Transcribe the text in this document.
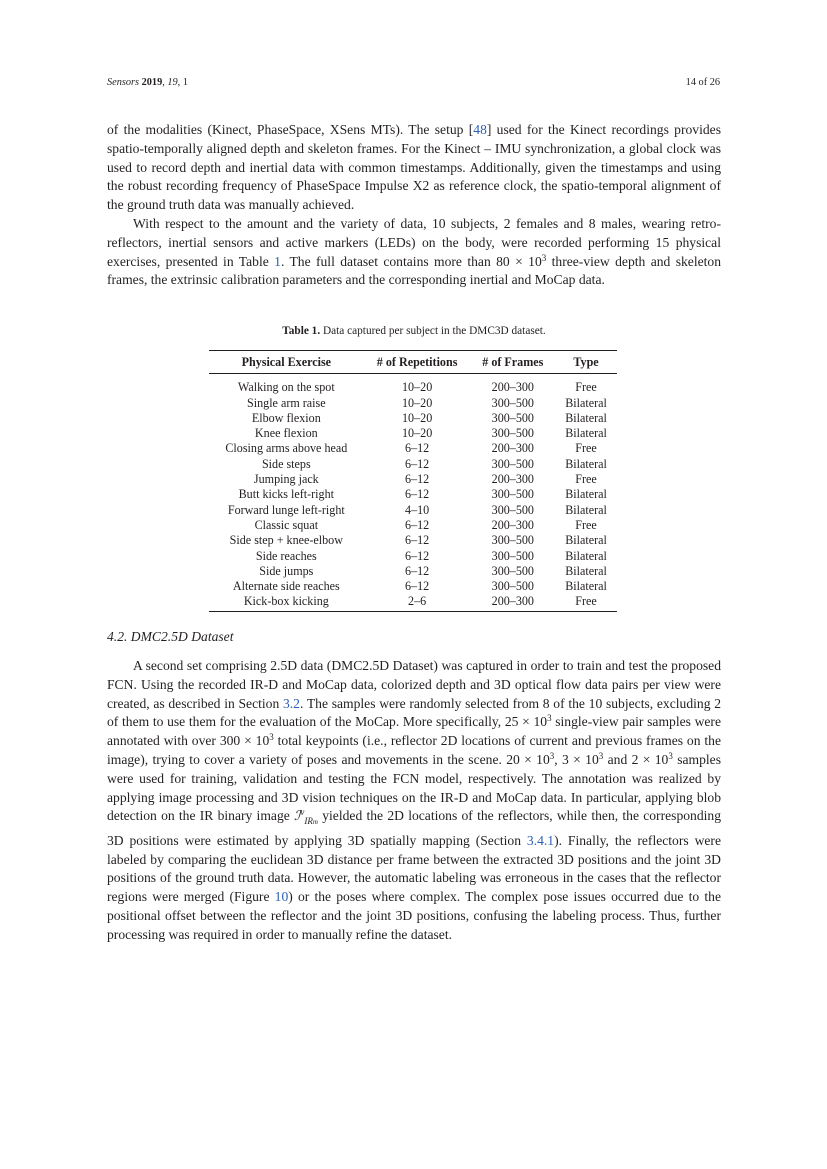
Sensors 2019, 19, 1	14 of 26

of the modalities (Kinect, PhaseSpace, XSens MTs). The setup [48] used for the Kinect recordings provides spatio-temporally aligned depth and skeleton frames. For the Kinect – IMU synchronization, a global clock was used to record depth and inertial data with common timestamps. Additionally, given the timestamps and using the robust recording frequency of PhaseSpace Impulse X2 as reference clock, the spatio-temporal alignment of the ground truth data was manually achieved.

With respect to the amount and the variety of data, 10 subjects, 2 females and 8 males, wearing retro-reflectors, inertial sensors and active markers (LEDs) on the body, were recorded performing 15 physical exercises, presented in Table 1. The full dataset contains more than $80 \times 10^3$ three-view depth and skeleton frames, the extrinsic calibration parameters and the corresponding inertial and MoCap data.

Table 1. Data captured per subject in the DMC3D dataset.
Physical Exercise	# of Repetitions	# of Frames	Type
Walking on the spot	10–20	200–300	Free
Single arm raise	10–20	300–500	Bilateral
Elbow flexion	10–20	300–500	Bilateral
Knee flexion	10–20	300–500	Bilateral
Closing arms above head	6–12	200–300	Free
Side steps	6–12	300–500	Bilateral
Jumping jack	6–12	200–300	Free
Butt kicks left-right	6–12	300–500	Bilateral
Forward lunge left-right	4–10	300–500	Bilateral
Classic squat	6–12	200–300	Free
Side step + knee-elbow	6–12	300–500	Bilateral
Side reaches	6–12	300–500	Bilateral
Side jumps	6–12	300–500	Bilateral
Alternate side reaches	6–12	300–500	Bilateral
Kick-box kicking	2–6	200–300	Free
4.2. DMC2.5D Dataset

A second set comprising 2.5D data (DMC2.5D Dataset) was captured in order to train and test the proposed FCN. Using the recorded IR-D and MoCap data, colorized depth and 3D optical flow data pairs per view were created, as described in Section 3.2. The samples were randomly selected from 8 of the 10 subjects, excluding 2 of them to use them for the evaluation of the MoCap. More specifically, $25 \times 10^3$ single-view pair samples were annotated with over $300 \times 10^3$ total keypoints (i.e., reflector 2D locations of current and previous frames on the image), trying to cover a variety of poses and movements in the scene. $20 \times 10^3$, $3 \times 10^3$ and $2 \times 10^3$ samples were used for training, validation and testing the FCN model, respectively. The annotation was realized by applying image processing and 3D vision techniques on the IR-D and MoCap data. In particular, applying blob detection on the IR binary image ℐ$^v_{IRm}$ yielded the 2D locations of the reflectors, while then, the corresponding 3D positions were estimated by applying 3D spatially mapping (Section 3.4.1). Finally, the reflectors were labeled by comparing the euclidean 3D distance per frame between the extracted 3D positions and the joint 3D positions of the ground truth data. However, the automatic labeling was erroneous in the cases that the reflector regions were merged (Figure 10) or the poses where complex. The complex pose issues occurred due to the positional offset between the reflector and the joint 3D positions, confusing the labeling process. Thus, further processing was required in order to manually refine the dataset.
